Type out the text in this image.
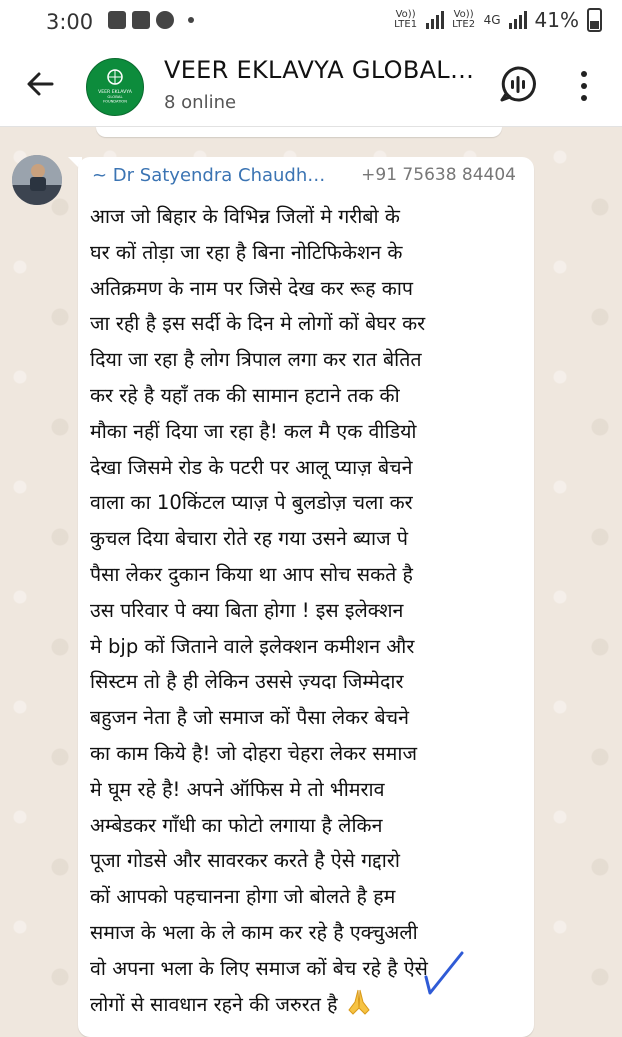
3:00	Vo)) LTE1
Vo)) LTE2 4G 41%
VEER EKLAVYA
GLOBAL
FOUNDATION
VEER EKLAVYA GLOBAL…
8 online
~ Dr Satyendra Chaudh… +91 75638 84404
आज जो बिहार के विभिन्न जिलों मे गरीबो के
घर कों तोड़ा जा रहा है बिना नोटिफिकेशन के
अतिक्रमण के नाम पर जिसे देख कर रूह काप
जा रही है इस सर्दी के दिन मे लोगों कों बेघर कर
दिया जा रहा है लोग त्रिपाल लगा कर रात बेतित
कर रहे है यहाँ तक की सामान हटाने तक की
मौका नहीं दिया जा रहा है! कल मै एक वीडियो
देखा जिसमे रोड के पटरी पर आलू प्याज़ बेचने
वाला का 10किंटल प्याज़ पे बुलडोज़ चला कर
कुचल दिया बेचारा रोते रह गया उसने ब्याज पे
पैसा लेकर दुकान किया था आप सोच सकते है
उस परिवार पे क्या बिता होगा ! इस इलेक्शन
मे bjp कों जिताने वाले इलेक्शन कमीशन और
सिस्टम तो है ही लेकिन उससे ज़्यदा जिम्मेदार
बहुजन नेता है जो समाज कों पैसा लेकर बेचने
का काम किये है! जो दोहरा चेहरा लेकर समाज
मे घूम रहे है! अपने ऑफिस मे तो भीमराव
अम्बेडकर गाँधी का फोटो लगाया है लेकिन
पूजा गोडसे और सावरकर करते है ऐसे गद्दारो
कों आपको पहचानना होगा जो बोलते है हम
समाज के भला के ले काम कर रहे है एक्चुअली
वो अपना भला के लिए समाज कों बेच रहे है ऐसे
लोगों से सावधान रहने की जरुरत है
